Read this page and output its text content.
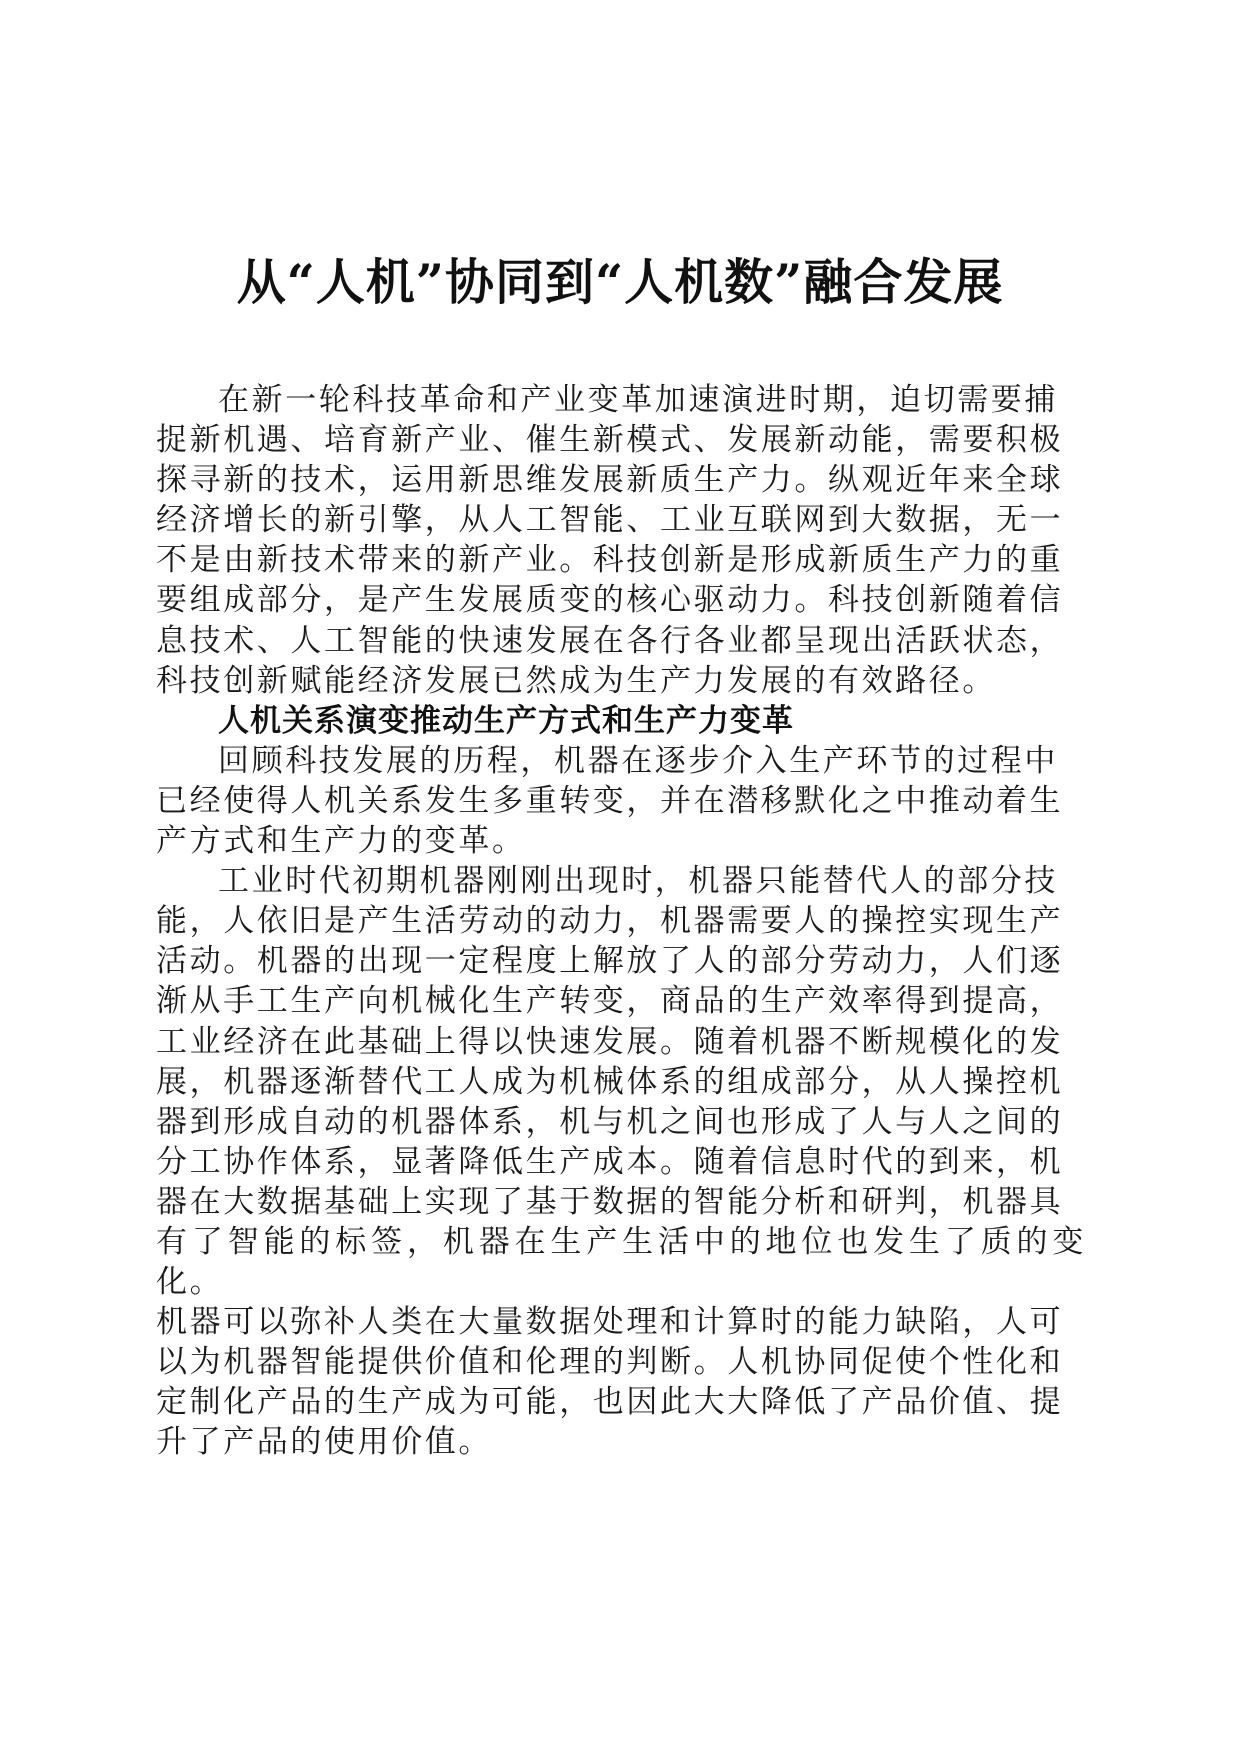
从“人机”协同到“人机数”融合发展

在新一轮科技革命和产业变革加速演进时期，迫切需要捕
捉新机遇、培育新产业、催生新模式、发展新动能，需要积极
探寻新的技术，运用新思维发展新质生产力。纵观近年来全球
经济增长的新引擎，从人工智能、工业互联网到大数据，无一
不是由新技术带来的新产业。科技创新是形成新质生产力的重
要组成部分，是产生发展质变的核心驱动力。科技创新随着信
息技术、人工智能的快速发展在各行各业都呈现出活跃状态，
科技创新赋能经济发展已然成为生产力发展的有效路径。

人机关系演变推动生产方式和生产力变革

回顾科技发展的历程，机器在逐步介入生产环节的过程中
已经使得人机关系发生多重转变，并在潜移默化之中推动着生
产方式和生产力的变革。

工业时代初期机器刚刚出现时，机器只能替代人的部分技
能，人依旧是产生活劳动的动力，机器需要人的操控实现生产
活动。机器的出现一定程度上解放了人的部分劳动力，人们逐
渐从手工生产向机械化生产转变，商品的生产效率得到提高，
工业经济在此基础上得以快速发展。随着机器不断规模化的发
展，机器逐渐替代工人成为机械体系的组成部分，从人操控机
器到形成自动的机器体系，机与机之间也形成了人与人之间的
分工协作体系，显著降低生产成本。随着信息时代的到来，机
器在大数据基础上实现了基于数据的智能分析和研判，机器具
有了智能的标签，机器在生产生活中的地位也发生了质的变化。
机器可以弥补人类在大量数据处理和计算时的能力缺陷，人可
以为机器智能提供价值和伦理的判断。人机协同促使个性化和
定制化产品的生产成为可能，也因此大大降低了产品价值、提
升了产品的使用价值。
